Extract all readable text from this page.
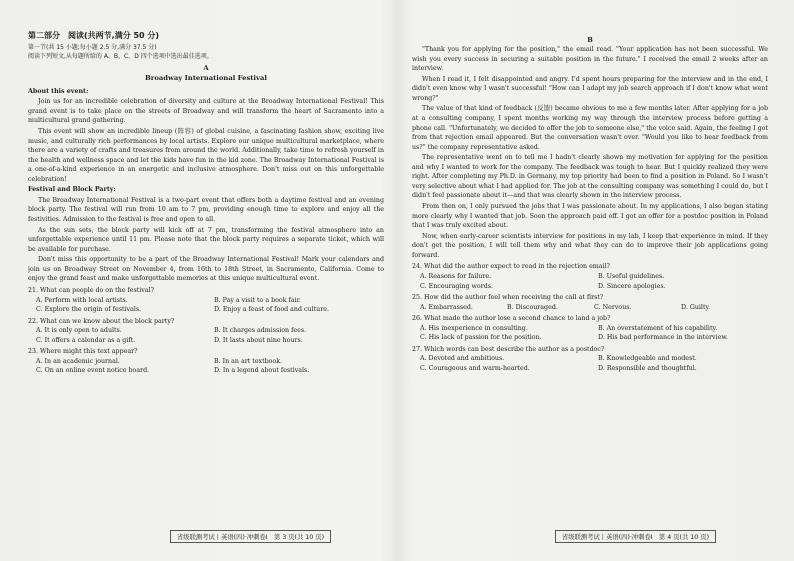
第二部分　阅读(共两节,满分 50 分)
第一节(共 15 小题;每小题 2.5 分,满分 37.5 分)
阅读下列短文,从每题所给的 A、B、C、D 四个选项中选出最佳选项。
A
Broadway International Festival

About this event:

Join us for an incredible celebration of diversity and culture at the Broadway International Festival! This grand event is to take place on the streets of Broadway and will transform the heart of Sacramento into a multicultural grand gathering.

This event will show an incredible lineup (阵容) of global cuisine, a fascinating fashion show, exciting live music, and culturally rich performances by local artists. Explore our unique multicultural marketplace, where there are a variety of crafts and treasures from around the world. Additionally, take time to refresh yourself in the health and wellness space and let the kids have fun in the kid zone. The Broadway International Festival is a one-of-a-kind experience in an energetic and inclusive atmosphere. Don't miss out on this unforgettable celebration!

Festival and Block Party:

The Broadway International Festival is a two-part event that offers both a daytime festival and an evening block party. The festival will run from 10 am to 7 pm, providing enough time to explore and enjoy all the festivities. Admission to the festival is free and open to all.

As the sun sets, the block party will kick off at 7 pm, transforming the festival atmosphere into an unforgettable experience until 11 pm. Please note that the block party requires a separate ticket, which will be available for purchase.

Don't miss this opportunity to be a part of the Broadway International Festival! Mark your calendars and join us on Broadway Street on November 4, from 16th to 18th Street, in Sacramento, California. Come to enjoy the grand feast and make unforgettable memories at this unique multicultural event.

21. What can people do on the festival?
A. Perform with local artists.	B. Pay a visit to a book fair.
C. Explore the origin of festivals.	D. Enjoy a feast of food and culture.
22. What can we know about the block party?
A. It is only open to adults.	B. It charges admission fees.
C. It offers a calendar as a gift.	D. It lasts about nine hours.
23. Where might this text appear?
A. In an academic journal.	B. In an art textbook.
C. On an online event notice board.	D. In a legend about festivals.
B

"Thank you for applying for the position," the email read. "Your application has not been successful. We wish you every success in securing a suitable position in the future." I received the email 2 weeks after an interview.

When I read it, I felt disappointed and angry. I'd spent hours preparing for the interview and in the end, I didn't even know why I wasn't successful! "How can I adapt my job search approach if I don't know what went wrong?"

The value of that kind of feedback (反馈) became obvious to me a few months later. After applying for a job at a consulting company, I spent months working my way through the interview process before getting a phone call. "Unfortunately, we decided to offer the job to someone else," the voice said. Again, the feeling I got from that rejection email appeared. But the conversation wasn't over. "Would you like to hear feedback from us?" the company representative asked.

The representative went on to tell me I hadn't clearly shown my motivation for applying for the position and why I wanted to work for the company. The feedback was tough to hear. But I quickly realized they were right. After completing my Ph.D. in Germany, my top priority had been to find a position in Poland. So I wasn't very selective about what I had applied for. The job at the consulting company was something I could do, but I didn't feel passionate about it—and that was clearly shown in the interview process.

From then on, I only pursued the jobs that I was passionate about. In my applications, I also began stating more clearly why I wanted that job. Soon the approach paid off. I got an offer for a postdoc position in Poland that I was truly excited about.

Now, when early-career scientists interview for positions in my lab, I keep that experience in mind. If they don't get the position, I will tell them why and what they can do to improve their job applications going forward.

24. What did the author expect to read in the rejection email?
A. Reasons for failure.	B. Useful guidelines.
C. Encouraging words.	D. Sincere apologies.
25. How did the author feel when receiving the call at first?
A. Embarrassed.	B. Discouraged.	C. Nervous.	D. Guilty.
26. What made the author lose a second chance to land a job?
A. His inexperience in consulting.	B. An overstatement of his capability.
C. His lack of passion for the position.	D. His bad performance in the interview.
27. Which words can best describe the author as a postdoc?
A. Devoted and ambitious.	B. Knowledgeable and modest.
C. Courageous and warm-hearted.	D. Responsible and thoughtful.
省级联测考试丨英语(四)·冲刺卷Ⅰ　第 3 页(共 10 页)	省级联测考试丨英语(四)·冲刺卷Ⅰ　第 4 页(共 10 页)
